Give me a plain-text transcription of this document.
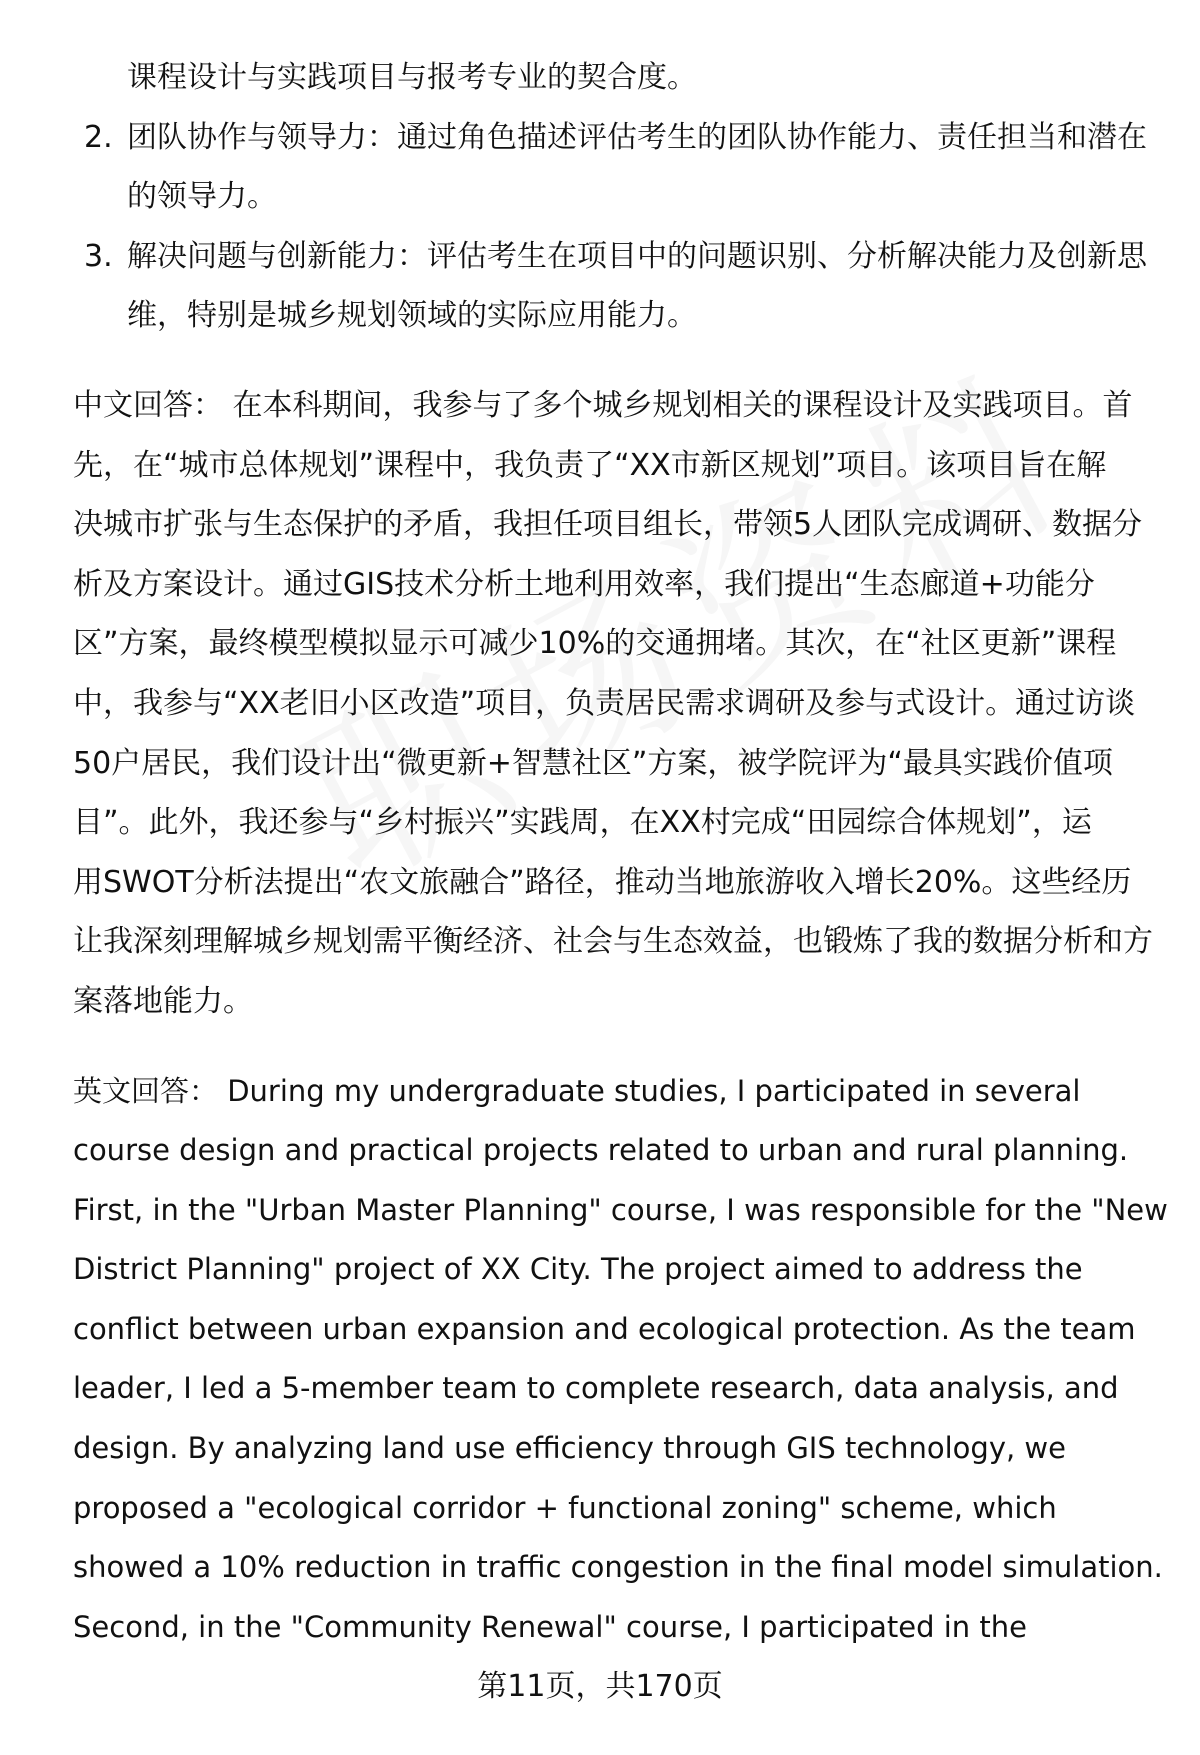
课程设计与实践项目与报考专业的契合度。
2. 团队协作与领导力：通过角色描述评估考生的团队协作能力、责任担当和潜在
的领导力。
3. 解决问题与创新能力：评估考生在项目中的问题识别、分析解决能力及创新思
维，特别是城乡规划领域的实际应用能力。
中文回答： 在本科期间，我参与了多个城乡规划相关的课程设计及实践项目。首
先，在“城市总体规划”课程中，我负责了“XX市新区规划”项目。该项目旨在解
决城市扩张与生态保护的矛盾，我担任项目组长，带领5人团队完成调研、数据分
析及方案设计。通过GIS技术分析土地利用效率，我们提出“生态廊道+功能分
区”方案，最终模型模拟显示可减少10%的交通拥堵。其次，在“社区更新”课程
中，我参与“XX老旧小区改造”项目，负责居民需求调研及参与式设计。通过访谈
50户居民，我们设计出“微更新+智慧社区”方案，被学院评为“最具实践价值项
目”。此外，我还参与“乡村振兴”实践周，在XX村完成“田园综合体规划”，运
用SWOT分析法提出“农文旅融合”路径，推动当地旅游收入增长20%。这些经历
让我深刻理解城乡规划需平衡经济、社会与生态效益，也锻炼了我的数据分析和方
案落地能力。
英文回答： During my undergraduate studies, I participated in several
course design and practical projects related to urban and rural planning.
First, in the "Urban Master Planning" course, I was responsible for the "New
District Planning" project of XX City. The project aimed to address the
conflict between urban expansion and ecological protection. As the team
leader, I led a 5-member team to complete research, data analysis, and
design. By analyzing land use efficiency through GIS technology, we
proposed a "ecological corridor + functional zoning" scheme, which
showed a 10% reduction in traffic congestion in the final model simulation.
Second, in the "Community Renewal" course, I participated in the
第11页，共170页
